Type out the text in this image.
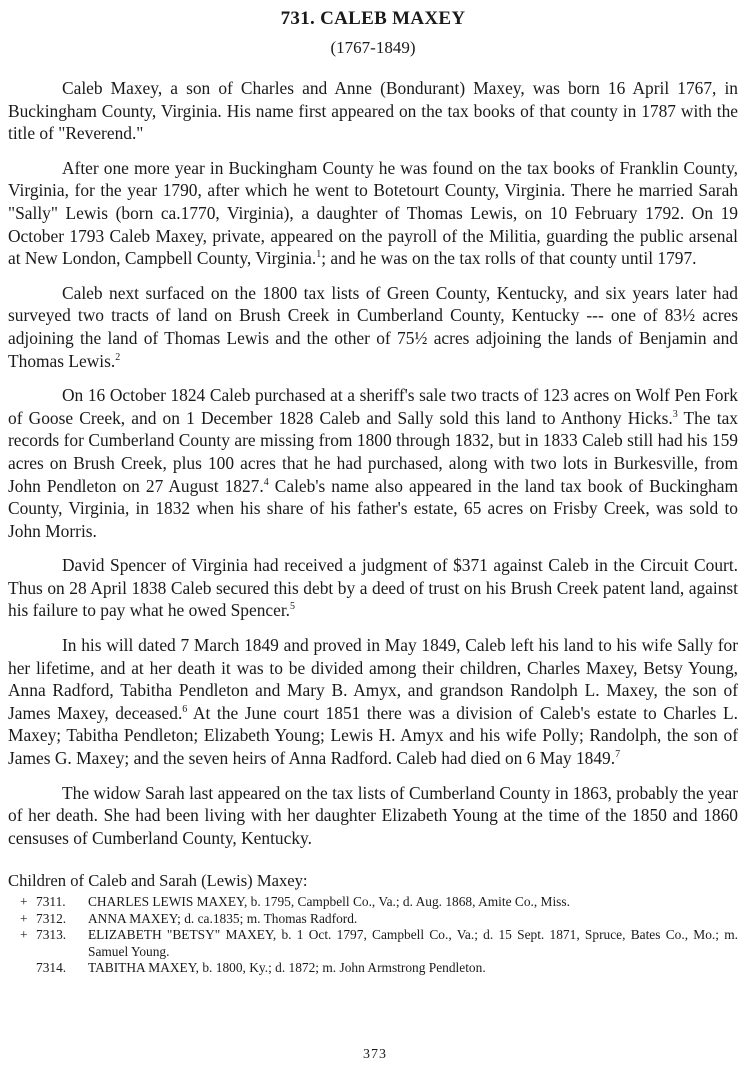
731. CALEB MAXEY
(1767-1849)

Caleb Maxey, a son of Charles and Anne (Bondurant) Maxey, was born 16 April 1767, in Buckingham County, Virginia. His name first appeared on the tax books of that county in 1787 with the title of "Reverend."

After one more year in Buckingham County he was found on the tax books of Franklin County, Virginia, for the year 1790, after which he went to Botetourt County, Virginia. There he married Sarah "Sally" Lewis (born ca.1770, Virginia), a daughter of Thomas Lewis, on 10 February 1792. On 19 October 1793 Caleb Maxey, private, appeared on the payroll of the Militia, guarding the public arsenal at New London, Campbell County, Virginia.$^1$; and he was on the tax rolls of that county until 1797.

Caleb next surfaced on the 1800 tax lists of Green County, Kentucky, and six years later had surveyed two tracts of land on Brush Creek in Cumberland County, Kentucky --- one of 83½ acres adjoining the land of Thomas Lewis and the other of 75½ acres adjoining the lands of Benjamin and Thomas Lewis.$^2$

On 16 October 1824 Caleb purchased at a sheriff's sale two tracts of 123 acres on Wolf Pen Fork of Goose Creek, and on 1 December 1828 Caleb and Sally sold this land to Anthony Hicks.$^3$ The tax records for Cumberland County are missing from 1800 through 1832, but in 1833 Caleb still had his 159 acres on Brush Creek, plus 100 acres that he had purchased, along with two lots in Burkesville, from John Pendleton on 27 August 1827.$^4$ Caleb's name also appeared in the land tax book of Buckingham County, Virginia, in 1832 when his share of his father's estate, 65 acres on Frisby Creek, was sold to John Morris.

David Spencer of Virginia had received a judgment of $371 against Caleb in the Circuit Court. Thus on 28 April 1838 Caleb secured this debt by a deed of trust on his Brush Creek patent land, against his failure to pay what he owed Spencer.$^5$

In his will dated 7 March 1849 and proved in May 1849, Caleb left his land to his wife Sally for her lifetime, and at her death it was to be divided among their children, Charles Maxey, Betsy Young, Anna Radford, Tabitha Pendleton and Mary B. Amyx, and grandson Randolph L. Maxey, the son of James Maxey, deceased.$^6$ At the June court 1851 there was a division of Caleb's estate to Charles L. Maxey; Tabitha Pendleton; Elizabeth Young; Lewis H. Amyx and his wife Polly; Randolph, the son of James G. Maxey; and the seven heirs of Anna Radford. Caleb had died on 6 May 1849.$^7$

The widow Sarah last appeared on the tax lists of Cumberland County in 1863, probably the year of her death. She had been living with her daughter Elizabeth Young at the time of the 1850 and 1860 censuses of Cumberland County, Kentucky.

Children of Caleb and Sarah (Lewis) Maxey:
+ 7311. CHARLES LEWIS MAXEY, b. 1795, Campbell Co., Va.; d. Aug. 1868, Amite Co., Miss.
+ 7312. ANNA MAXEY; d. ca.1835; m. Thomas Radford.
+ 7313. ELIZABETH "BETSY" MAXEY, b. 1 Oct. 1797, Campbell Co., Va.; d. 15 Sept. 1871, Spruce, Bates Co., Mo.; m. Samuel Young.
7314. TABITHA MAXEY, b. 1800, Ky.; d. 1872; m. John Armstrong Pendleton.
373
